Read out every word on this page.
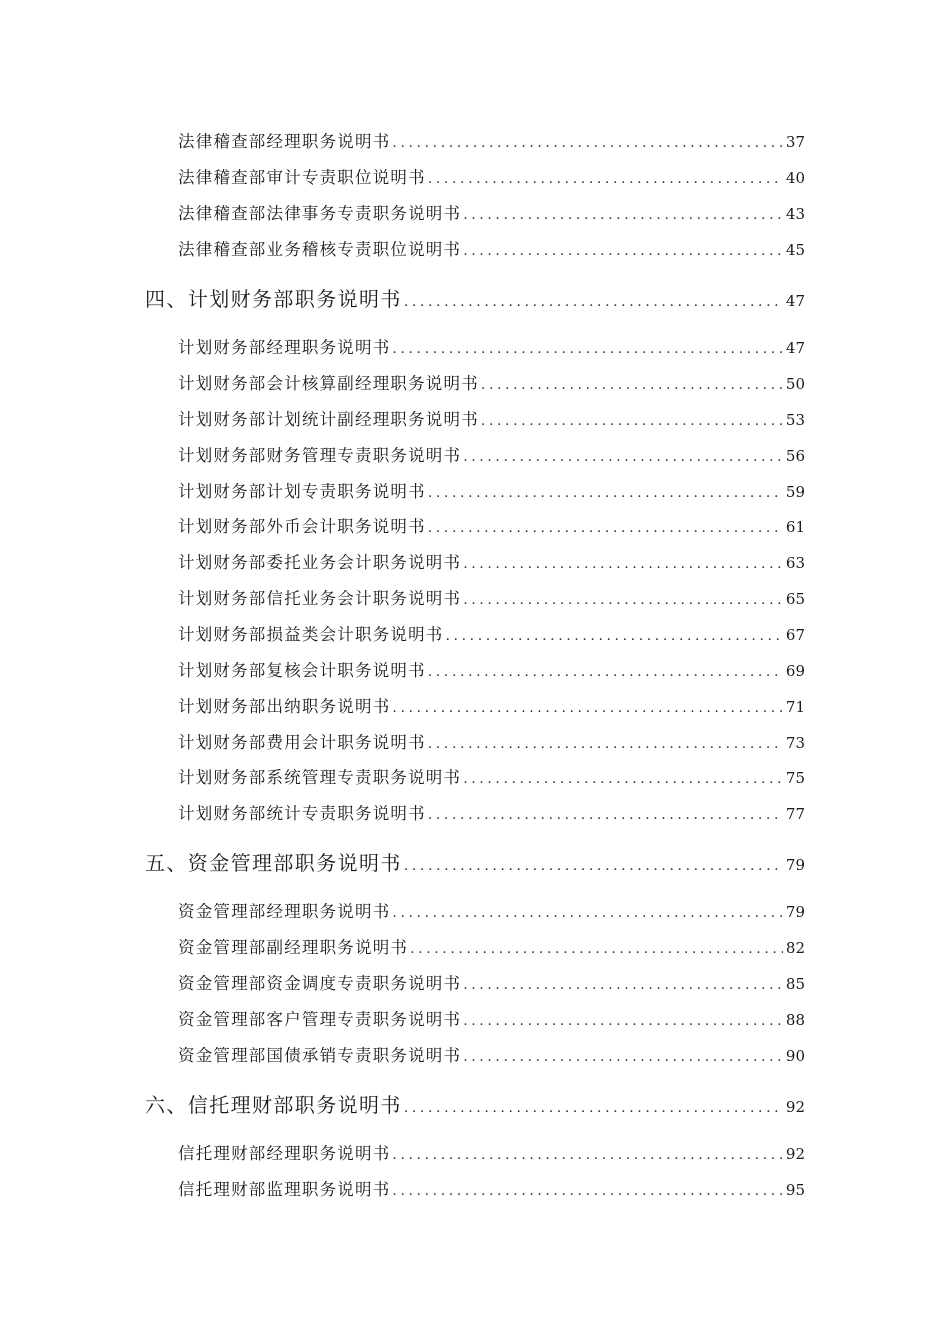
法律稽查部经理职务说明书 .....	37
法律稽查部审计专责职位说明书 .....	40
法律稽查部法律事务专责职务说明书 .....	43
法律稽查部业务稽核专责职位说明书 .....	45
四、计划财务部职务说明书 .....	47
计划财务部经理职务说明书 .....	47
计划财务部会计核算副经理职务说明书 .....	50
计划财务部计划统计副经理职务说明书 .....	53
计划财务部财务管理专责职务说明书 .....	56
计划财务部计划专责职务说明书 .....	59
计划财务部外币会计职务说明书 .....	61
计划财务部委托业务会计职务说明书 .....	63
计划财务部信托业务会计职务说明书 .....	65
计划财务部损益类会计职务说明书 .....	67
计划财务部复核会计职务说明书 .....	69
计划财务部出纳职务说明书 .....	71
计划财务部费用会计职务说明书 .....	73
计划财务部系统管理专责职务说明书 .....	75
计划财务部统计专责职务说明书 .....	77
五、资金管理部职务说明书 .....	79
资金管理部经理职务说明书 .....	79
资金管理部副经理职务说明书 .....	82
资金管理部资金调度专责职务说明书 .....	85
资金管理部客户管理专责职务说明书 .....	88
资金管理部国债承销专责职务说明书 .....	90
六、信托理财部职务说明书 .....	92
信托理财部经理职务说明书 .....	92
信托理财部监理职务说明书 .....	95
